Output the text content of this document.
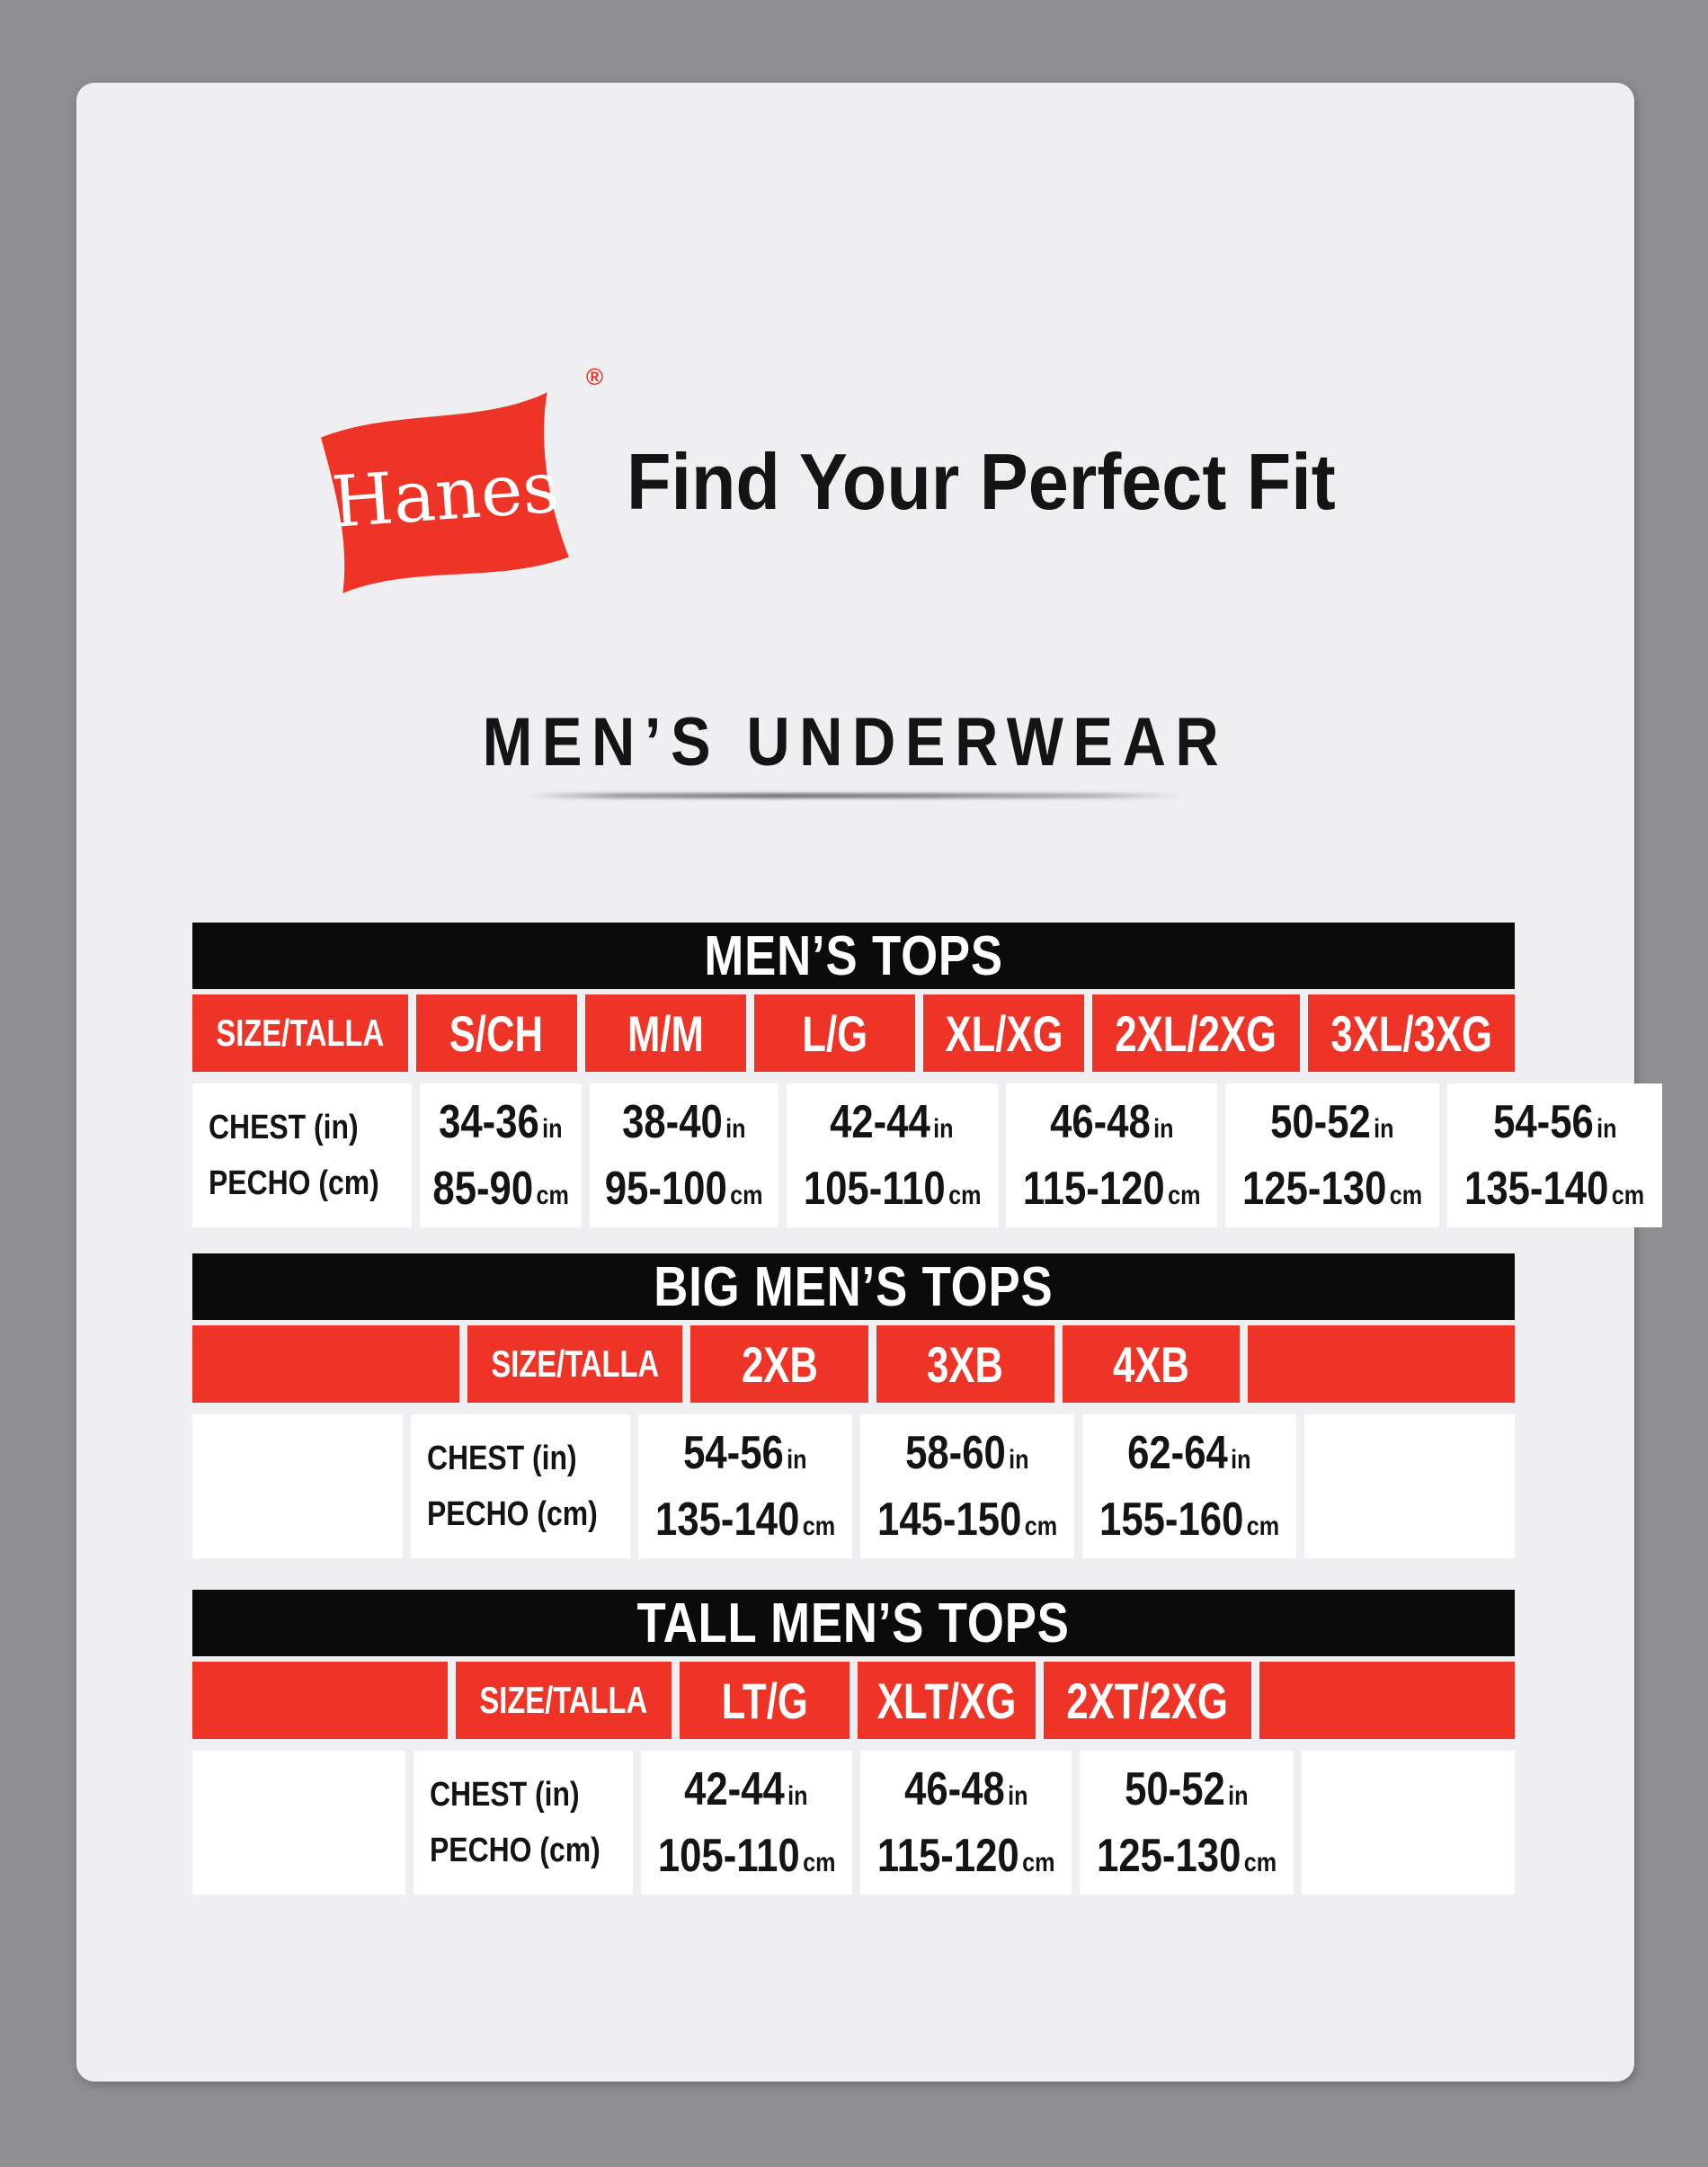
Hanes
®
Find Your Perfect Fit
MEN’S UNDERWEAR
MEN’S TOPS
SIZE/TALLA S/CH M/M L/G XL/XG 2XL/2XG 3XL/3XG
CHEST (in)
PECHO (cm)
34-36 in
85-90 cm
38-40 in
95-100 cm
42-44 in
105-110 cm
46-48 in
115-120 cm
50-52 in
125-130 cm
54-56 in
135-140 cm
BIG MEN’S TOPS
SIZE/TALLA 2XB 3XB 4XB
CHEST (in)
PECHO (cm)
54-56 in
135-140 cm
58-60 in
145-150 cm
62-64 in
155-160 cm
TALL MEN’S TOPS
SIZE/TALLA LT/G XLT/XG 2XT/2XG
CHEST (in)
PECHO (cm)
42-44 in
105-110 cm
46-48 in
115-120 cm
50-52 in
125-130 cm
